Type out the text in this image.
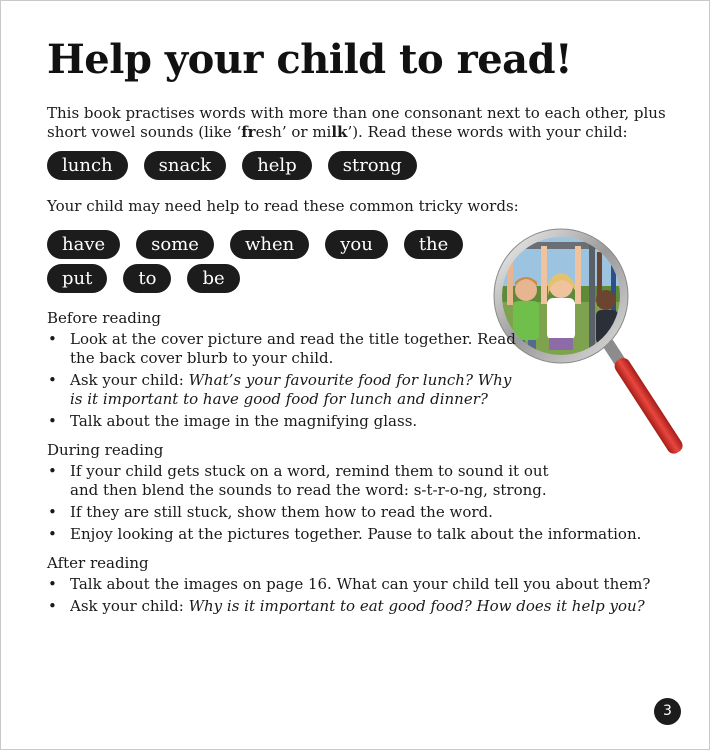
Help your child to read!

This book practises words with more than one consonant next to each other, plus short vowel sounds (like ‘fresh’ or milk’). Read these words with your child:

lunch	snack	help	strong

Your child may need help to read these common tricky words:

have	some	when	you	the
put	to	be
Before reading
• Look at the cover picture and read the title together. Read the back cover blurb to your child.
• Ask your child: What’s your favourite food for lunch? Why is it important to have good food for lunch and dinner?
• Talk about the image in the magnifying glass.
During reading
• If your child gets stuck on a word, remind them to sound it out and then blend the sounds to read the word: s-t-r-o-ng, strong.
• If they are still stuck, show them how to read the word.
• Enjoy looking at the pictures together. Pause to talk about the information.
After reading
• Talk about the images on page 16. What can your child tell you about them?
• Ask your child: Why is it important to eat good food? How does it help you?
3
